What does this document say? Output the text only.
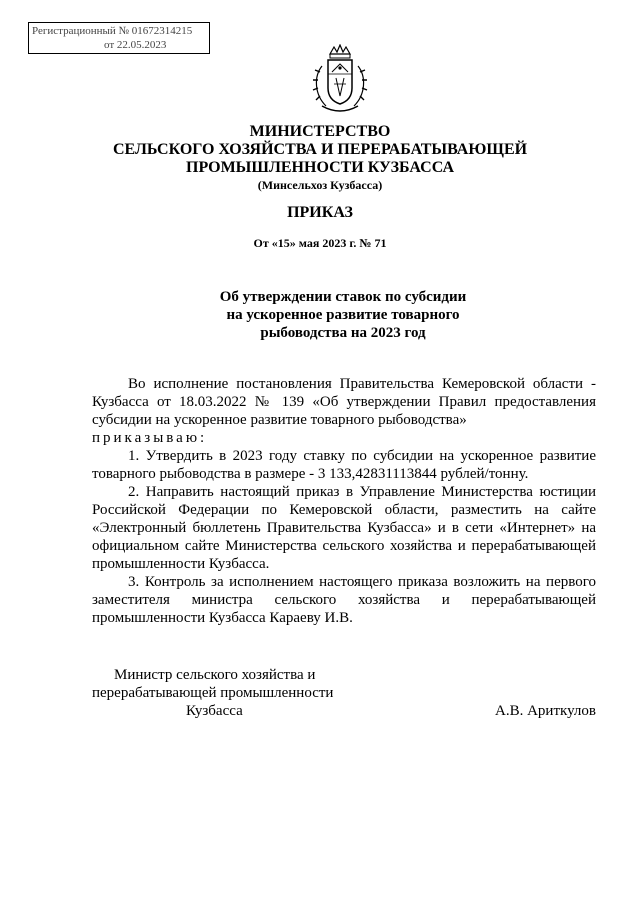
Регистрационный № 01672314215
от 22.05.2023
МИНИСТЕРСТВО
СЕЛЬСКОГО ХОЗЯЙСТВА И ПЕРЕРАБАТЫВАЮЩЕЙ
ПРОМЫШЛЕННОСТИ КУЗБАССА
(Минсельхоз Кузбасса)
ПРИКАЗ
От «15» мая 2023 г. № 71
Об утверждении ставок по субсидии
на ускоренное развитие товарного
рыбоводства на 2023 год

Во исполнение постановления Правительства Кемеровской области - Кузбасса от 18.03.2022 № 139 «Об утверждении Правил предоставления субсидии на ускоренное развитие товарного рыбоводства»

приказываю:

1. Утвердить в 2023 году ставку по субсидии на ускоренное развитие товарного рыбоводства в размере - 3 133,42831113844 рублей/тонну.

2. Направить настоящий приказ в Управление Министерства юстиции Российской Федерации по Кемеровской области, разместить на сайте «Электронный бюллетень Правительства Кузбасса» и в сети «Интернет» на официальном сайте Министерства сельского хозяйства и перерабатывающей промышленности Кузбасса.

3. Контроль за исполнением настоящего приказа возложить на первого заместителя министра сельского хозяйства и перерабатывающей промышленности Кузбасса Караеву И.В.

Министр сельского хозяйства и
перерабатывающей промышленности
Кузбасса	А.В. Ариткулов
